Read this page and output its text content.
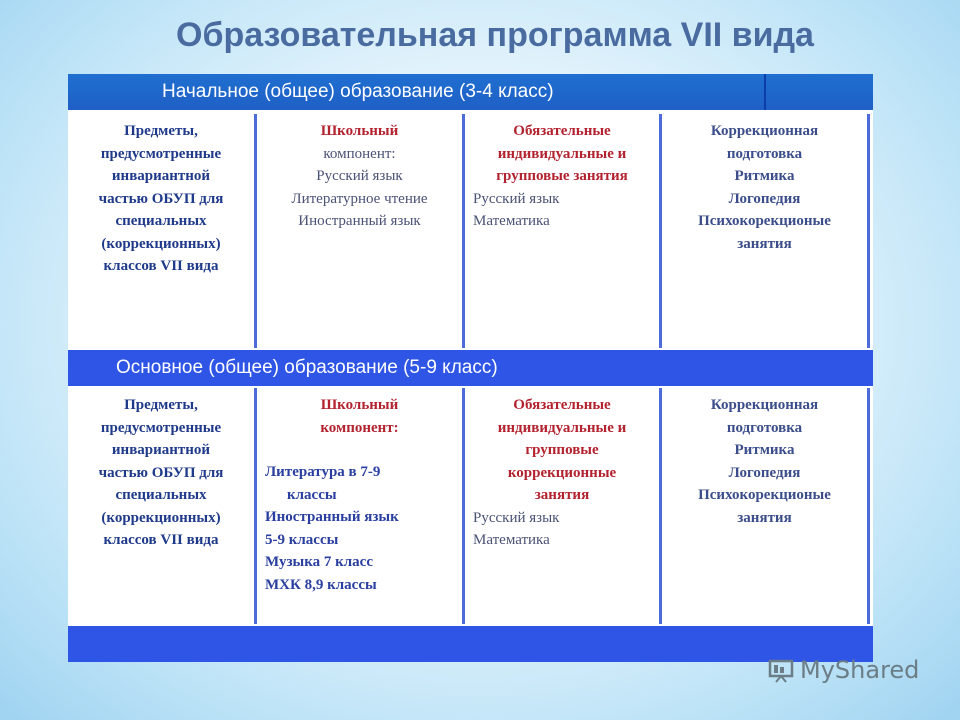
Образовательная программа VII вида
Начальное (общее) образование (3-4 класс)
Предметы,
предусмотренные
инвариантной
частью ОБУП для
специальных
(коррекционных)
классов VII вида
Школьный
компонент:
Русский язык
Литературное чтение
Иностранный язык
Обязательные
индивидуальные и
групповые занятия
Русский язык
Математика
Коррекционная
подготовка
Ритмика
Логопедия
Психокорекционые
занятия
Основное (общее) образование (5-9 класс)
Предметы,
предусмотренные
инвариантной
частью ОБУП для
специальных
(коррекционных)
классов VII вида
Школьный
компонент:
Литература в 7-9
классы
Иностранный язык
5-9 классы
Музыка 7 класс
МХК 8,9 классы
Обязательные
индивидуальные и
групповые
коррекционные
занятия
Русский язык
Математика
Коррекционная
подготовка
Ритмика
Логопедия
Психокорекционые
занятия
MyShared
